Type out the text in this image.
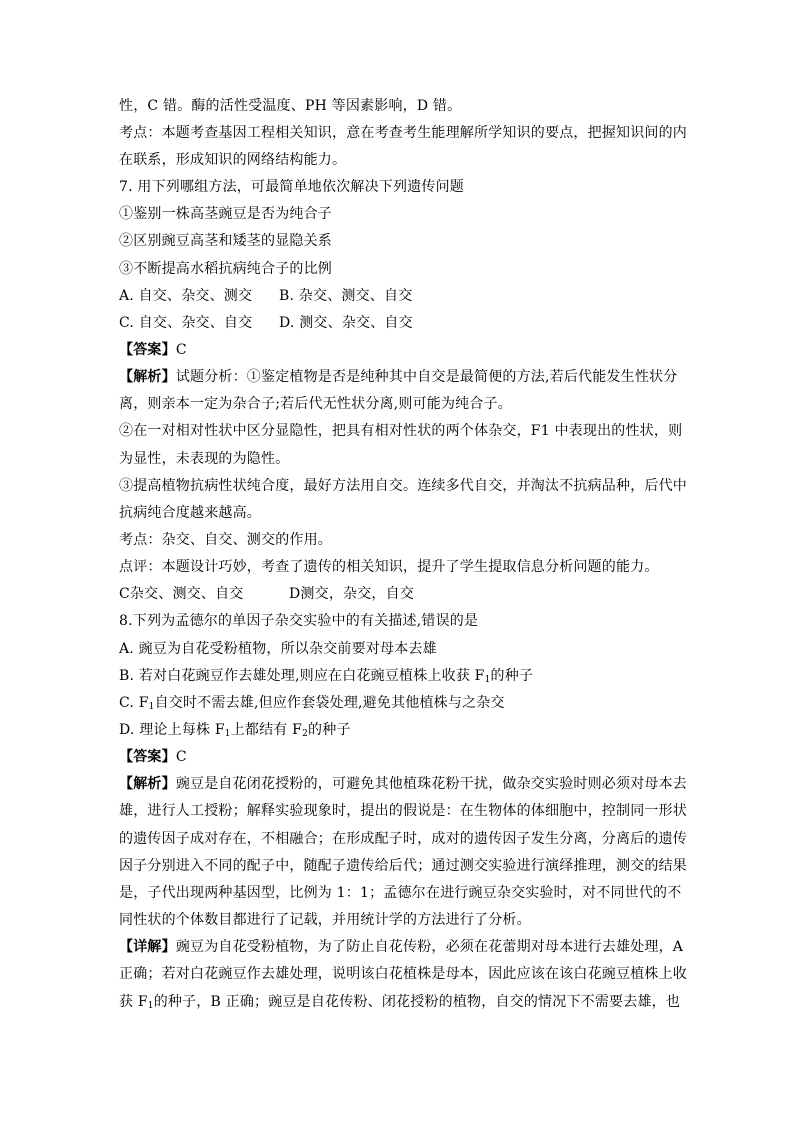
性，C 错。酶的活性受温度、PH 等因素影响，D 错。
考点：本题考查基因工程相关知识，意在考查考生能理解所学知识的要点，把握知识间的内
在联系，形成知识的网络结构能力。
7. 用下列哪组方法，可最简单地依次解决下列遗传问题
①鉴别一株高茎豌豆是否为纯合子
②区别豌豆高茎和矮茎的显隐关系
③不断提高水稻抗病纯合子的比例
A. 自交、杂交、测交 B. 杂交、测交、自交
C. 自交、杂交、自交 D. 测交、杂交、自交
【答案】C
【解析】试题分析：①鉴定植物是否是纯种其中自交是最简便的方法,若后代能发生性状分
离，则亲本一定为杂合子;若后代无性状分离,则可能为纯合子。
②在一对相对性状中区分显隐性，把具有相对性状的两个体杂交，F1 中表现出的性状，则
为显性，未表现的为隐性。
③提高植物抗病性状纯合度，最好方法用自交。连续多代自交，并淘汰不抗病品种，后代中
抗病纯合度越来越高。
考点：杂交、自交、测交的作用。
点评：本题设计巧妙，考查了遗传的相关知识，提升了学生提取信息分析问题的能力。
C杂交、测交、自交	D测交，杂交，自交
8.下列为孟德尔的单因子杂交实验中的有关描述,错误的是
A. 豌豆为自花受粉植物，所以杂交前要对母本去雄
B. 若对白花豌豆作去雄处理,则应在白花豌豆植株上收获 $F_1$的种子
C. $F_1$自交时不需去雄,但应作套袋处理,避免其他植株与之杂交
D. 理论上每株 $F_1$上都结有 $F_2$的种子
【答案】C
【解析】豌豆是自花闭花授粉的，可避免其他植珠花粉干扰，做杂交实验时则必须对母本去
雄，进行人工授粉；解释实验现象时，提出的假说是：在生物体的体细胞中，控制同一形状
的遗传因子成对存在，不相融合；在形成配子时，成对的遗传因子发生分离，分离后的遗传
因子分别进入不同的配子中，随配子遗传给后代；通过测交实验进行演绎推理，测交的结果
是，子代出现两种基因型，比例为 1：1；孟德尔在进行豌豆杂交实验时，对不同世代的不
同性状的个体数目都进行了记载，并用统计学的方法进行了分析。
【详解】豌豆为自花受粉植物，为了防止自花传粉，必须在花蕾期对母本进行去雄处理，A
正确；若对白花豌豆作去雄处理，说明该白花植株是母本，因此应该在该白花豌豆植株上收
获 $F_1$的种子，B 正确；豌豆是自花传粉、闭花授粉的植物，自交的情况下不需要去雄，也
